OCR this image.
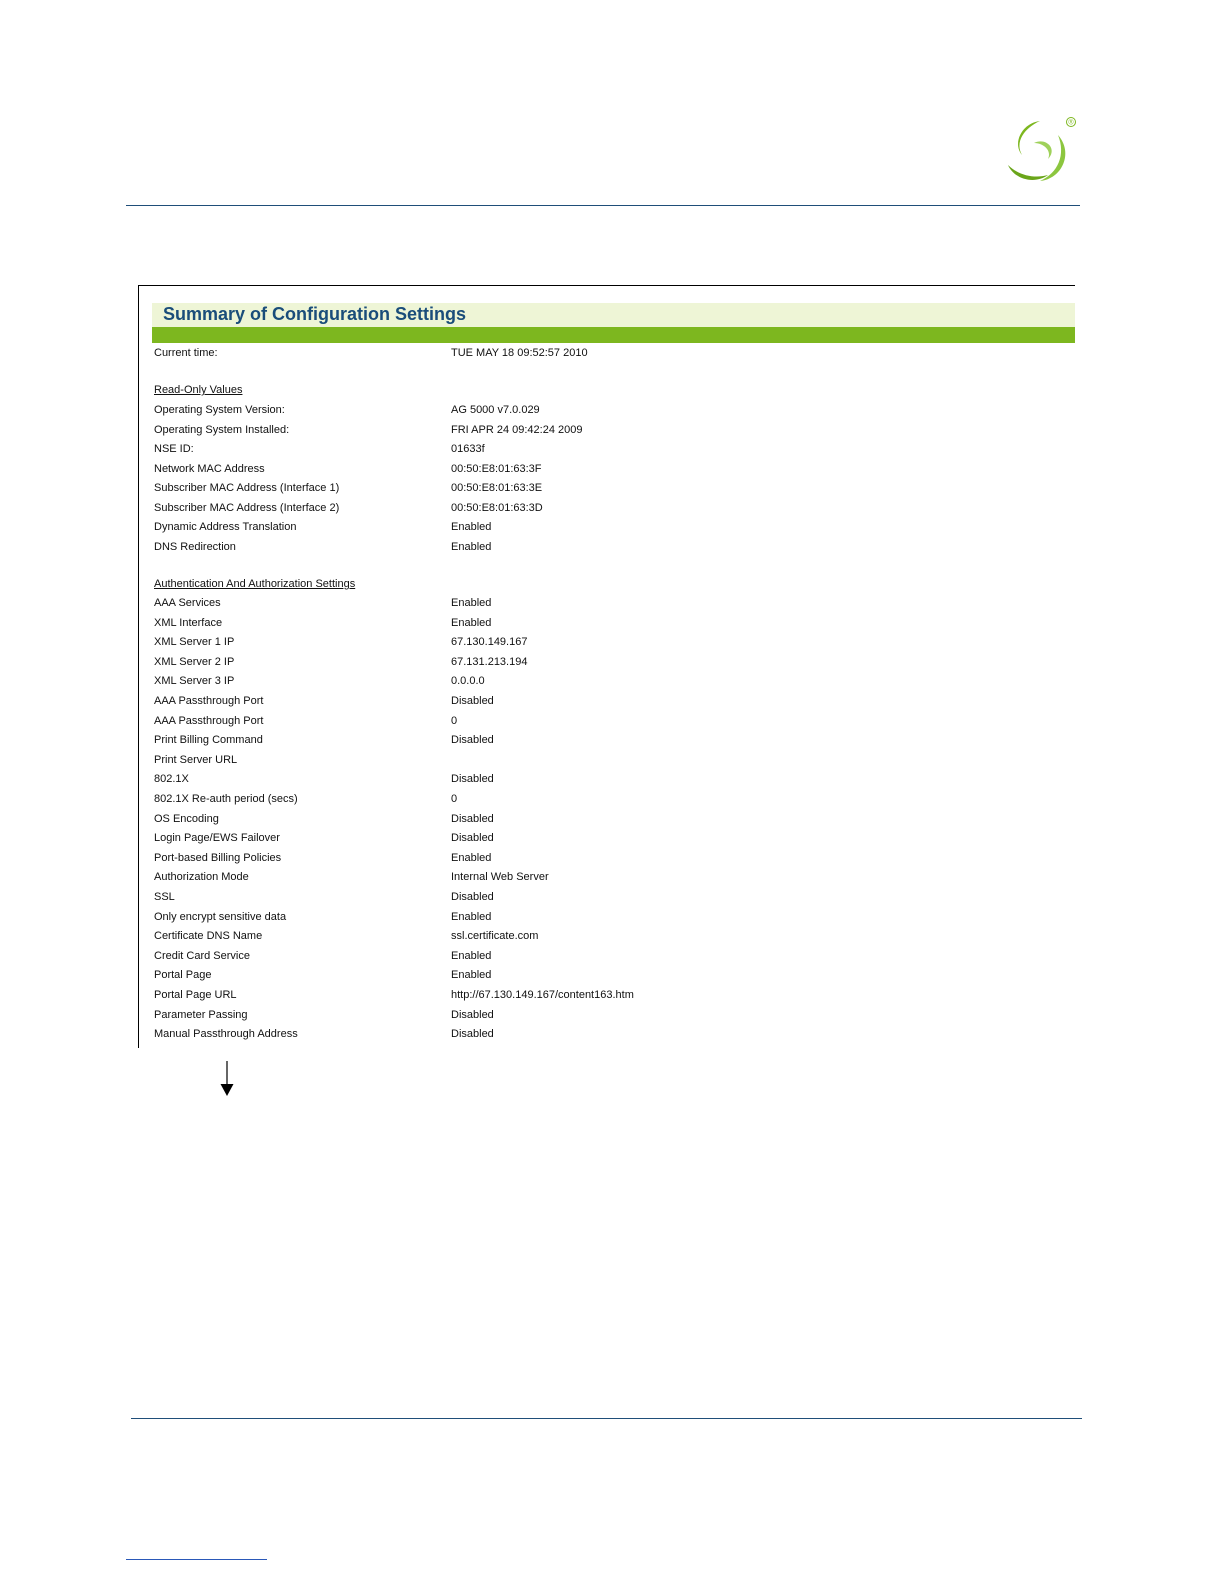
®
Summary of Configuration Settings
Current time:	TUE MAY 18 09:52:57 2010
Read-Only Values
Operating System Version:	AG 5000 v7.0.029
Operating System Installed:	FRI APR 24 09:42:24 2009
NSE ID:	01633f
Network MAC Address	00:50:E8:01:63:3F
Subscriber MAC Address (Interface 1)	00:50:E8:01:63:3E
Subscriber MAC Address (Interface 2)	00:50:E8:01:63:3D
Dynamic Address Translation	Enabled
DNS Redirection	Enabled
Authentication And Authorization Settings
AAA Services	Enabled
XML Interface	Enabled
XML Server 1 IP	67.130.149.167
XML Server 2 IP	67.131.213.194
XML Server 3 IP	0.0.0.0
AAA Passthrough Port	Disabled
AAA Passthrough Port	0
Print Billing Command	Disabled
Print Server URL
802.1X	Disabled
802.1X Re-auth period (secs)	0
OS Encoding	Disabled
Login Page/EWS Failover	Disabled
Port-based Billing Policies	Enabled
Authorization Mode	Internal Web Server
SSL	Disabled
Only encrypt sensitive data	Enabled
Certificate DNS Name	ssl.certificate.com
Credit Card Service	Enabled
Portal Page	Enabled
Portal Page URL	http://67.130.149.167/content163.htm
Parameter Passing	Disabled
Manual Passthrough Address	Disabled
